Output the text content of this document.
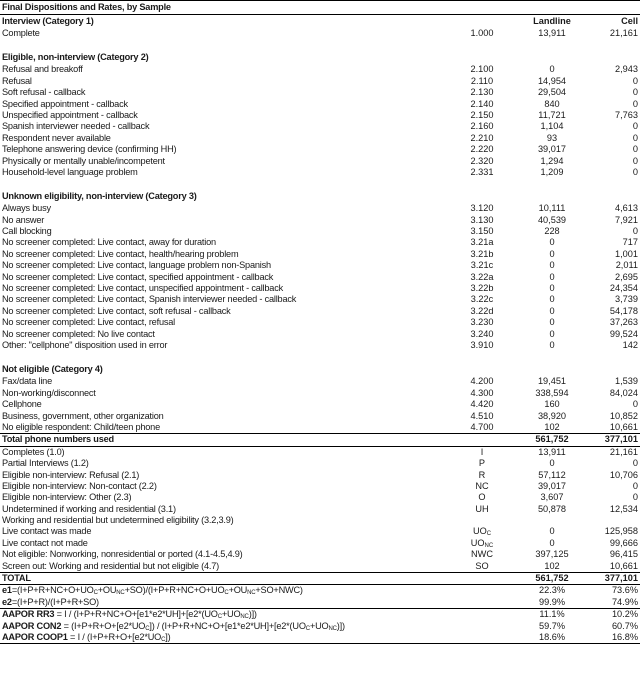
Final Dispositions and Rates, by Sample
Interview (Category 1)	Landline	Cell
Complete	1.000	13,911	21,161
Eligible, non-interview (Category 2)
Refusal and breakoff	2.100	0	2,943
Refusal	2.110	14,954	0
Soft refusal - callback	2.130	29,504	0
Specified appointment - callback	2.140	840	0
Unspecified appointment - callback	2.150	11,721	7,763
Spanish interviewer needed - callback	2.160	1,104	0
Respondent never available	2.210	93	0
Telephone answering device (confirming HH)	2.220	39,017	0
Physically or mentally unable/incompetent	2.320	1,294	0
Household-level language problem	2.331	1,209	0
Unknown eligibility, non-interview (Category 3)
Always busy	3.120	10,111	4,613
No answer	3.130	40,539	7,921
Call blocking	3.150	228	0
No screener completed: Live contact, away for duration	3.21a	0	717
No screener completed: Live contact, health/hearing problem	3.21b	0	1,001
No screener completed: Live contact, language problem non-Spanish	3.21c	0	2,011
No screener completed: Live contact, specified appointment - callback	3.22a	0	2,695
No screener completed: Live contact, unspecified appointment - callback	3.22b	0	24,354
No screener completed: Live contact, Spanish interviewer needed - callback	3.22c	0	3,739
No screener completed: Live contact, soft refusal - callback	3.22d	0	54,178
No screener completed: Live contact, refusal	3.230	0	37,263
No screener completed: No live contact	3.240	0	99,524
Other: "cellphone" disposition used in error	3.910	0	142
Not eligible (Category 4)
Fax/data line	4.200	19,451	1,539
Non-working/disconnect	4.300	338,594	84,024
Cellphone	4.420	160	0
Business, government, other organization	4.510	38,920	10,852
No eligible respondent: Child/teen phone	4.700	102	10,661
Total phone numbers used	561,752	377,101
Completes (1.0)	I	13,911	21,161
Partial Interviews (1.2)	P	0	0
Eligible non-interview: Refusal (2.1)	R	57,112	10,706
Eligible non-interview: Non-contact (2.2)	NC	39,017	0
Eligible non-interview: Other (2.3)	O	3,607	0
Undetermined if working and residential (3.1)	UH	50,878	12,534
Working and residential but undetermined eligibility (3.2,3.9)
Live contact was made	$UO_C$	0	125,958
Live contact not made	$UO_{NC}$	0	99,666
Not eligible: Nonworking, nonresidential or ported (4.1-4.5,4.9)	NWC	397,125	96,415
Screen out: Working and residential but not eligible (4.7)	SO	102	10,661
TOTAL	561,752	377,101
$e1=(I+P+R+NC+O+UO_C+OU_{NC}+SO)/(I+P+R+NC+O+UO_C+OU_{NC}+SO+NWC)$	22.3%	73.6%
e2=(I+P+R)/(I+P+R+SO)	99.9%	74.9%
AAPOR $RR3 = I / (I+P+R+NC+O+[e1*e2*UH]+[e2*(UO_C+UO_{NC})])$	11.1%	10.2%
AAPOR $CON2 = (I+P+R+O+[e2*UO_C]) / (I+P+R+NC+O+[e1*e2*UH]+[e2*(UO_C+UO_{NC})])$	59.7%	60.7%
AAPOR COOP1 = $I / (I+P+R+O+[e2*UO_C])$	18.6%	16.8%
